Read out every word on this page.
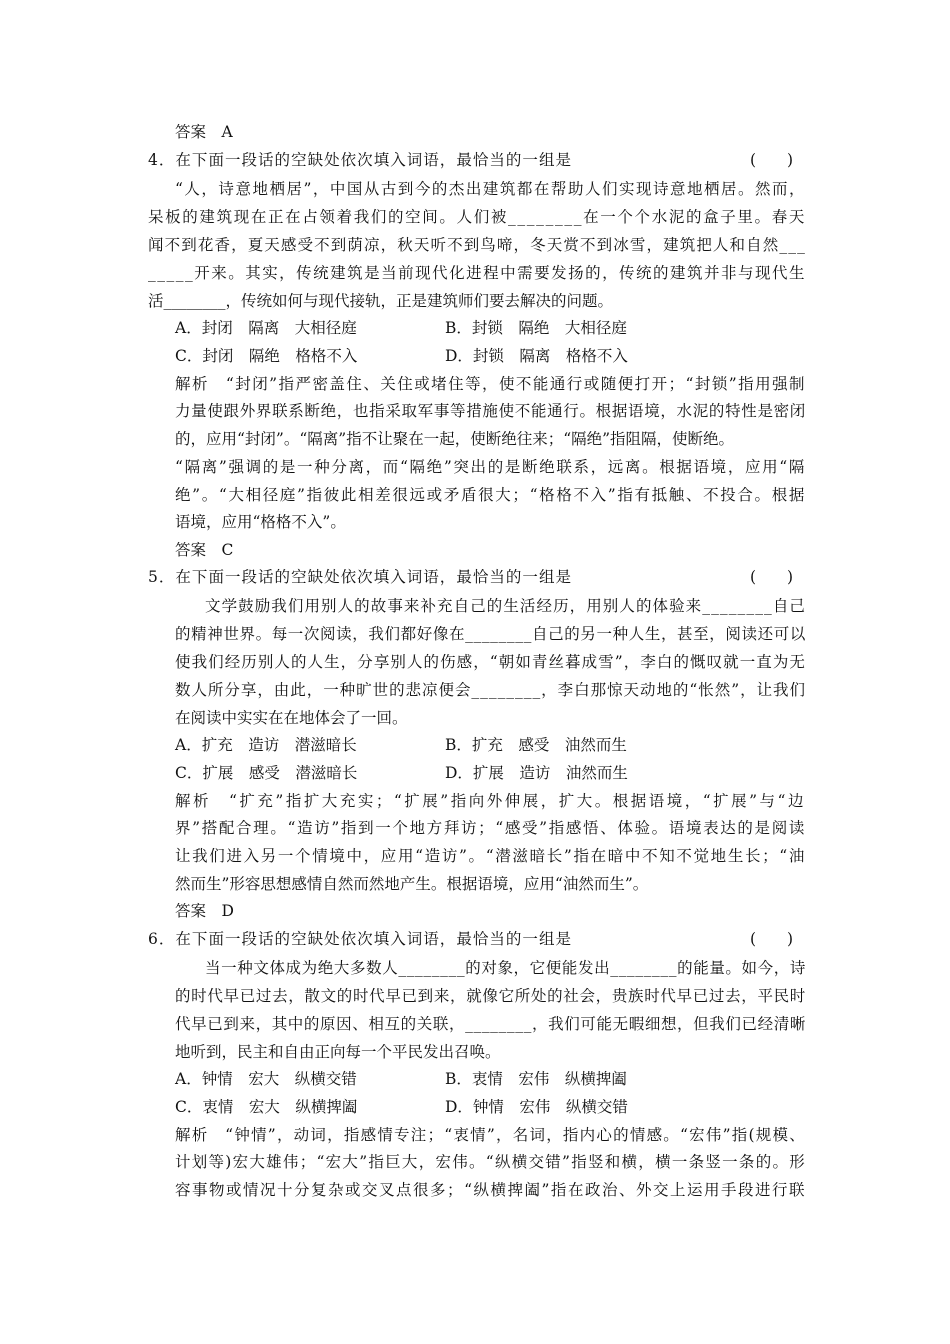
答案　A
4．在下面一段话的空缺处依次填入词语，最恰当的一组是	(　　)
“人，诗意地栖居”，中国从古到今的杰出建筑都在帮助人们实现诗意地栖居。然而，
呆板的建筑现在正在占领着我们的空间。人们被________在一个个水泥的盒子里。春天
闻不到花香，夏天感受不到荫凉，秋天听不到鸟啼，冬天赏不到冰雪，建筑把人和自然___
_____开来。其实，传统建筑是当前现代化进程中需要发扬的，传统的建筑并非与现代生
活________，传统如何与现代接轨，正是建筑师们要去解决的问题。
A．封闭　隔离　大相径庭	B．封锁　隔绝　大相径庭
C．封闭　隔绝　格格不入	D．封锁　隔离　格格不入
解析　“封闭”指严密盖住、关住或堵住等，使不能通行或随便打开；“封锁”指用强制
力量使跟外界联系断绝，也指采取军事等措施使不能通行。根据语境，水泥的特性是密闭
的，应用“封闭”。“隔离”指不让聚在一起，使断绝往来；“隔绝”指阻隔，使断绝。
“隔离”强调的是一种分离，而“隔绝”突出的是断绝联系，远离。根据语境，应用“隔
绝”。“大相径庭”指彼此相差很远或矛盾很大；“格格不入”指有抵触、不投合。根据
语境，应用“格格不入”。
答案　C
5．在下面一段话的空缺处依次填入词语，最恰当的一组是	(　　)
文学鼓励我们用别人的故事来补充自己的生活经历，用别人的体验来________自己
的精神世界。每一次阅读，我们都好像在________自己的另一种人生，甚至，阅读还可以
使我们经历别人的人生，分享别人的伤感，“朝如青丝暮成雪”，李白的慨叹就一直为无
数人所分享，由此，一种旷世的悲凉便会________，李白那惊天动地的“怅然”，让我们
在阅读中实实在在地体会了一回。
A．扩充　造访　潜滋暗长	B．扩充　感受　油然而生
C．扩展　感受　潜滋暗长	D．扩展　造访　油然而生
解析　“扩充”指扩大充实；“扩展”指向外伸展，扩大。根据语境，“扩展”与“边
界”搭配合理。“造访”指到一个地方拜访；“感受”指感悟、体验。语境表达的是阅读
让我们进入另一个情境中，应用“造访”。“潜滋暗长”指在暗中不知不觉地生长；“油
然而生”形容思想感情自然而然地产生。根据语境，应用“油然而生”。
答案　D
6．在下面一段话的空缺处依次填入词语，最恰当的一组是	(　　)
当一种文体成为绝大多数人________的对象，它便能发出________的能量。如今，诗
的时代早已过去，散文的时代早已到来，就像它所处的社会，贵族时代早已过去，平民时
代早已到来，其中的原因、相互的关联，________，我们可能无暇细想，但我们已经清晰
地听到，民主和自由正向每一个平民发出召唤。
A．钟情　宏大　纵横交错	B．衷情　宏伟　纵横捭阖
C．衷情　宏大　纵横捭阖	D．钟情　宏伟　纵横交错
解析　“钟情”，动词，指感情专注；“衷情”，名词，指内心的情感。“宏伟”指(规模、
计划等)宏大雄伟；“宏大”指巨大，宏伟。“纵横交错”指竖和横，横一条竖一条的。形
容事物或情况十分复杂或交叉点很多；“纵横捭阖”指在政治、外交上运用手段进行联
